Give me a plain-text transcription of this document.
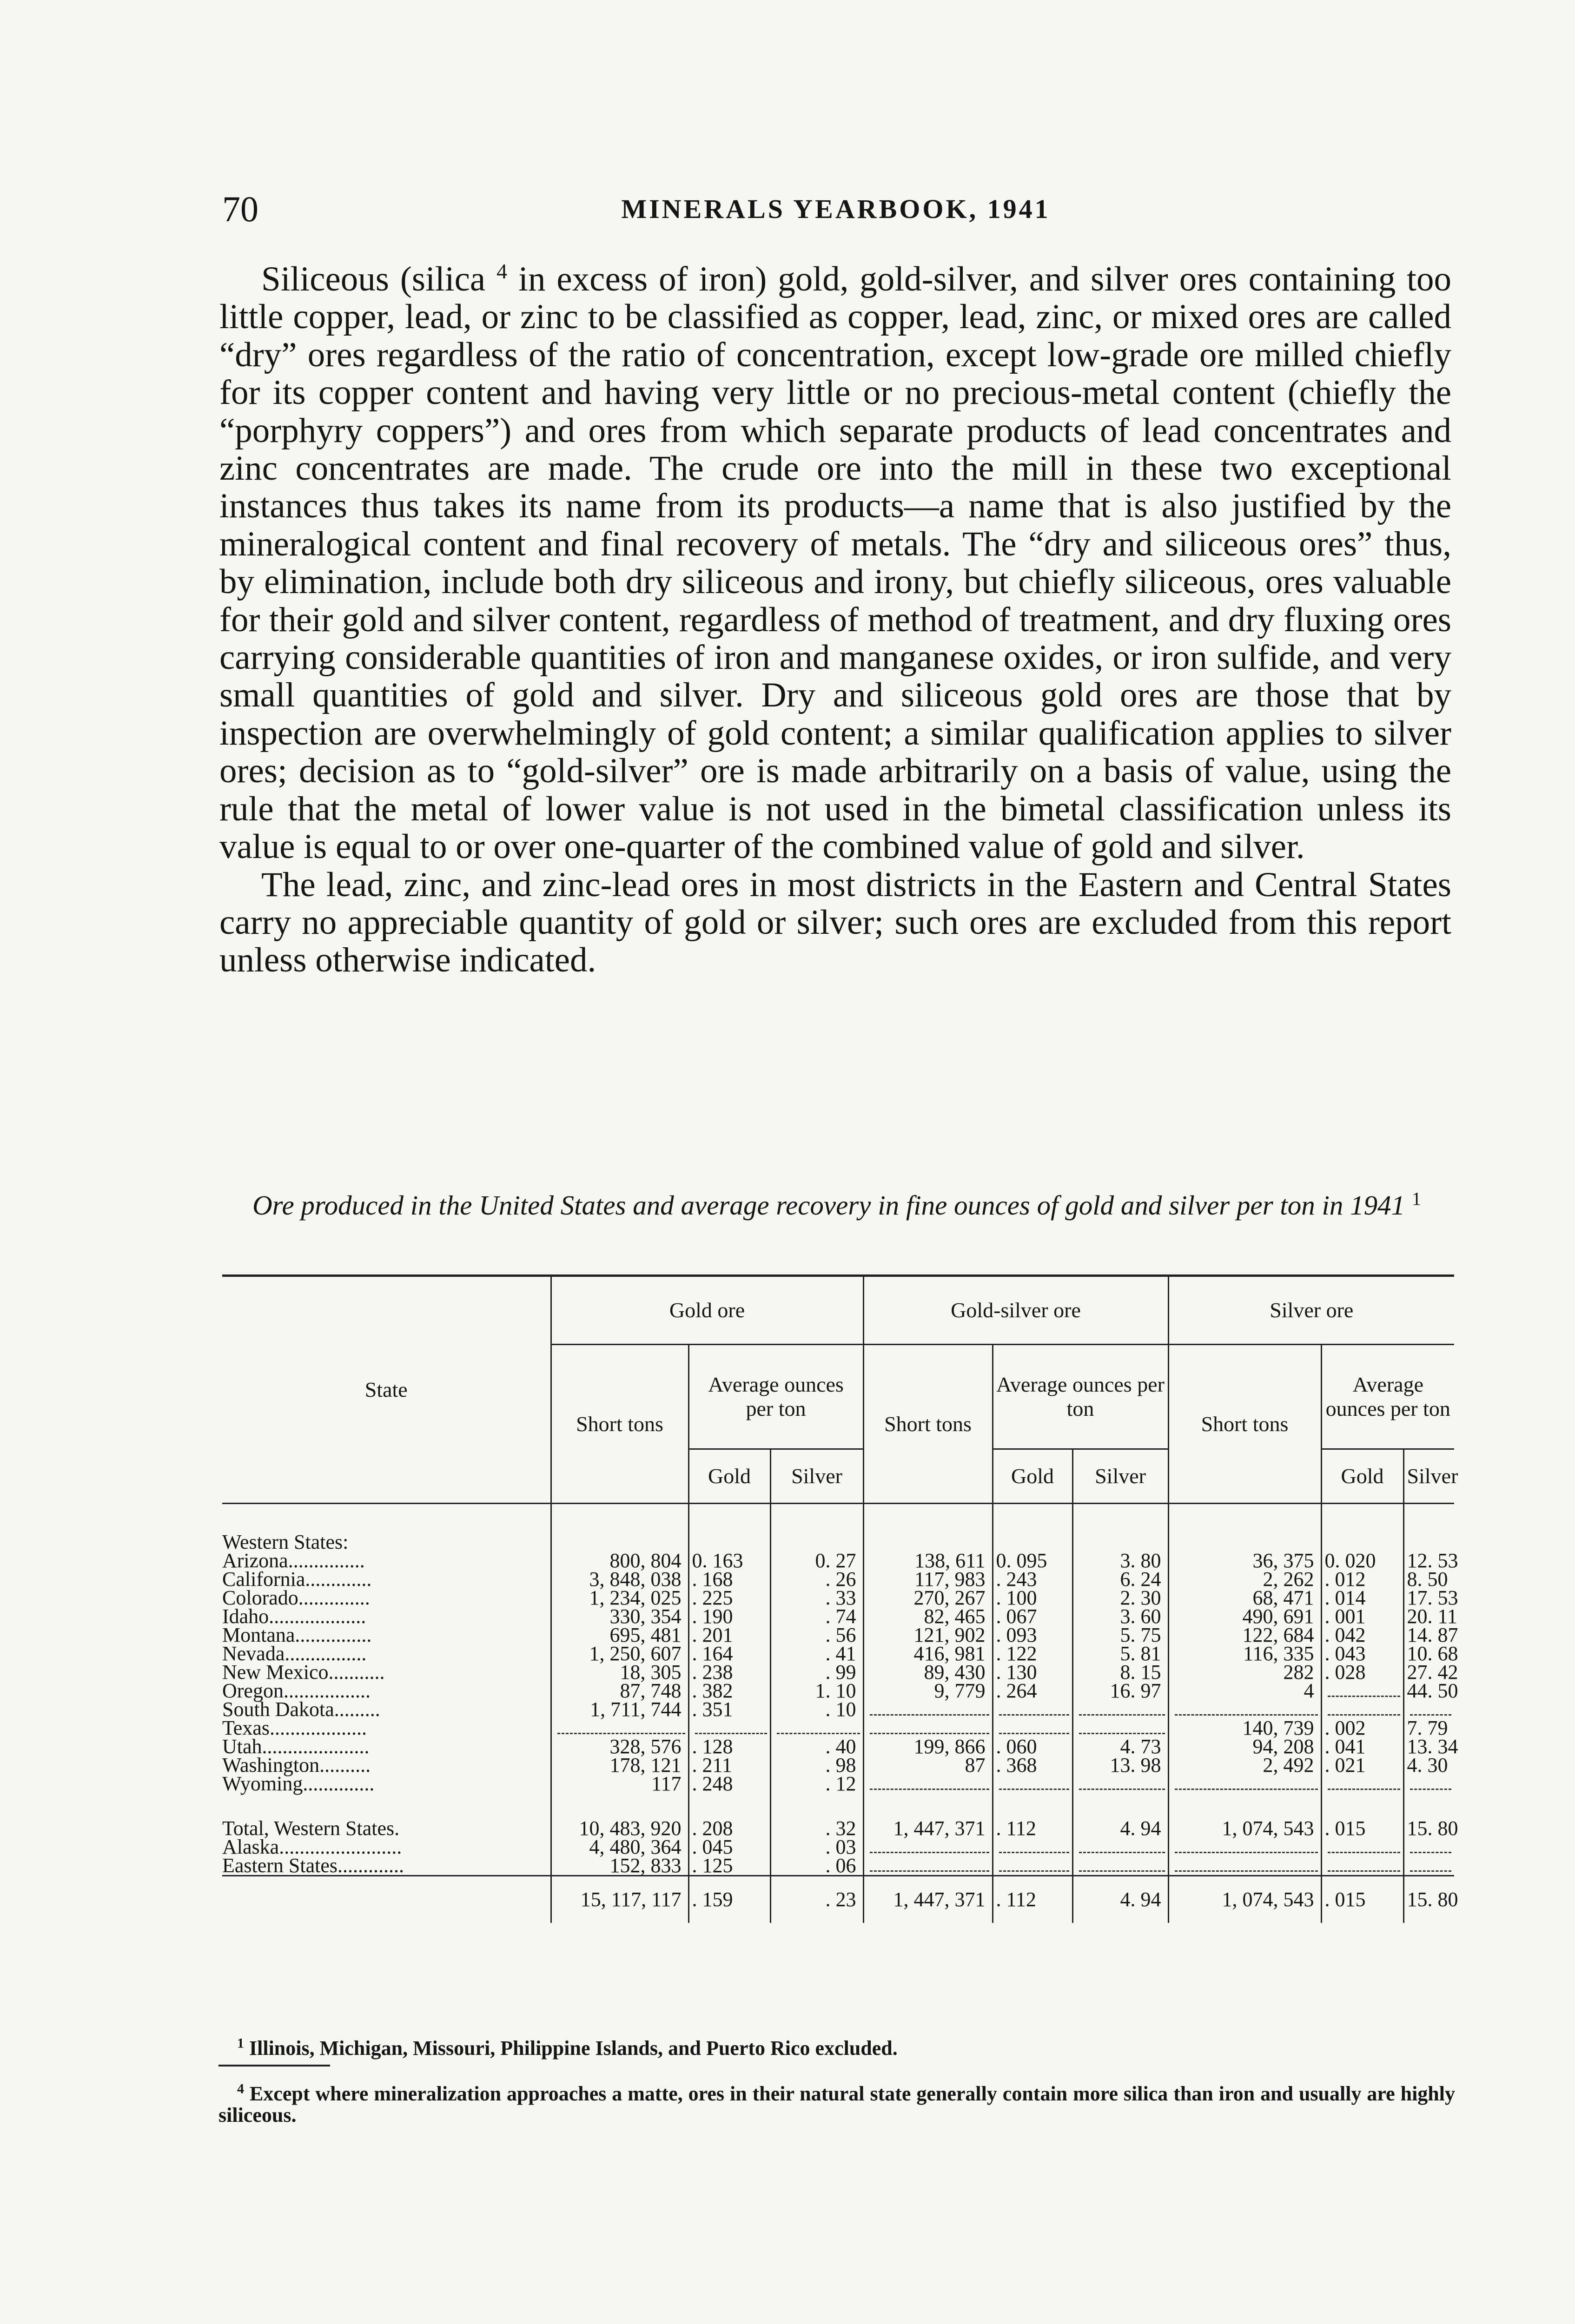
70	MINERALS YEARBOOK, 1941

Siliceous (silica $^4$ in excess of iron) gold, gold-silver, and silver ores containing too little copper, lead, or zinc to be classified as copper, lead, zinc, or mixed ores are called “dry” ores regardless of the ratio of concentration, except low-grade ore milled chiefly for its copper content and having very little or no precious-metal content (chiefly the “porphyry coppers”) and ores from which separate products of lead concentrates and zinc concentrates are made. The crude ore into the mill in these two exceptional instances thus takes its name from its products—a name that is also justified by the mineralogical content and final recovery of metals. The “dry and siliceous ores” thus, by elimination, include both dry siliceous and irony, but chiefly siliceous, ores valuable for their gold and silver content, regardless of method of treatment, and dry fluxing ores carrying considerable quantities of iron and manganese oxides, or iron sulfide, and very small quantities of gold and silver. Dry and siliceous gold ores are those that by inspection are overwhelmingly of gold content; a similar qualification applies to silver ores; decision as to “gold-silver” ore is made arbitrarily on a basis of value, using the rule that the metal of lower value is not used in the bimetal classification unless its value is equal to or over one-quarter of the combined value of gold and silver.

The lead, zinc, and zinc-lead ores in most districts in the Eastern and Central States carry no appreciable quantity of gold or silver; such ores are excluded from this report unless otherwise indicated.

Ore produced in the United States and average recovery in fine ounces of gold and silver per ton in 1941 $^1$
State	Gold ore			Gold-silver ore			Silver ore		
	Short tons	Average ounces per ton		Short tons	Average ounces per ton		Short tons	Average ounces per ton	
		Gold	Silver		Gold	Silver		Gold	Silver

Western States:									
Arizona...............	800, 804	0. 163	0. 27	138, 611	0. 095	3. 80	36, 375	0. 020	12. 53
California.............	3, 848, 038	. 168	. 26	117, 983	. 243	6. 24	2, 262	. 012	8. 50
Colorado..............	1, 234, 025	. 225	. 33	270, 267	. 100	2. 30	68, 471	. 014	17. 53
Idaho...................	330, 354	. 190	. 74	82, 465	. 067	3. 60	490, 691	. 001	20. 11
Montana...............	695, 481	. 201	. 56	121, 902	. 093	5. 75	122, 684	. 042	14. 87
Nevada................	1, 250, 607	. 164	. 41	416, 981	. 122	5. 81	116, 335	. 043	10. 68
New Mexico...........	18, 305	. 238	. 99	89, 430	. 130	8. 15	282	. 028	27. 42
Oregon.................	87, 748	. 382	1. 10	9, 779	. 264	16. 97	4		44. 50
South Dakota.........	1, 711, 744	. 351	. 10	

Texas...................							140, 739	. 002	7. 79
Utah.....................	328, 576	. 128	. 40	199, 866	. 060	4. 73	94, 208	. 041	13. 34
Washington..........	178, 121	. 211	. 98	87	. 368	13. 98	2, 492	. 021	4. 30
Wyoming..............	117	. 248	. 12	

Total, Western States.	10, 483, 920	. 208	. 32	1, 447, 371	. 112	4. 94	1, 074, 543	. 015	15. 80
Alaska........................	4, 480, 364	. 045	. 03	

Eastern States.............	152, 833	. 125	. 06	

	15, 117, 117	. 159	. 23	1, 447, 371	. 112	4. 94	1, 074, 543	. 015	15. 80
$^1$ Illinois, Michigan, Missouri, Philippine Islands, and Puerto Rico excluded.
$^4$ Except where mineralization approaches a matte, ores in their natural state generally contain more silica than iron and usually are highly siliceous.
